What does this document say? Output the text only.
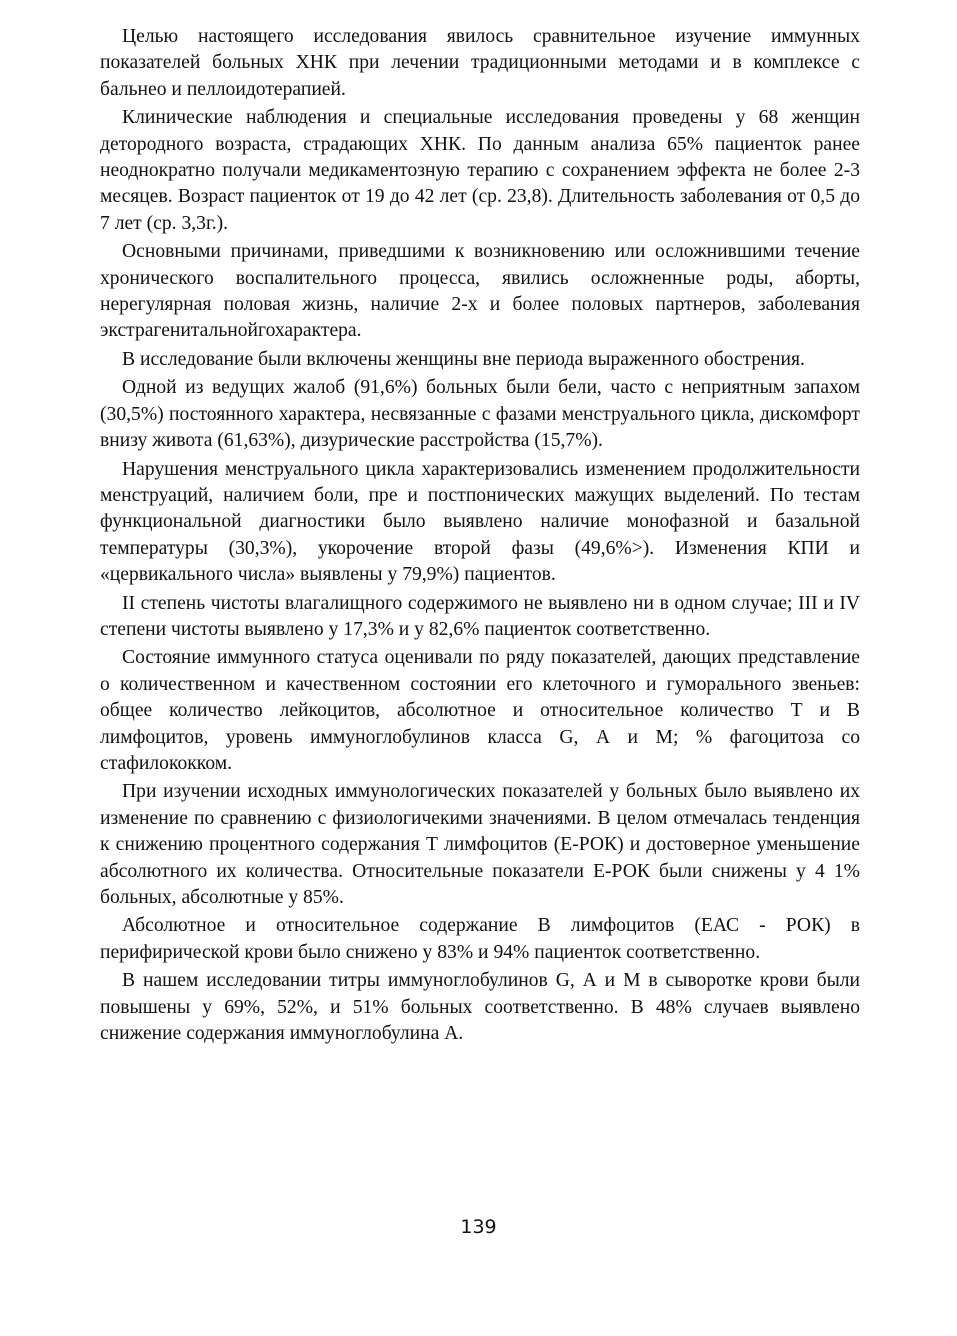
Целью настоящего исследования явилось сравнительное изучение иммунных показателей больных ХНК при лечении традиционными методами и в комплексе с бальнео и пеллоидотерапией.

Клинические наблюдения и специальные исследования проведены у 68 женщин детородного возраста, страдающих ХНК. По данным анализа 65% пациенток ранее неоднократно получали медикаментозную терапию с сохранением эффекта не более 2-3 месяцев. Возраст пациенток от 19 до 42 лет (ср. 23,8). Длительность заболевания от 0,5 до 7 лет (ср. 3,3г.).

Основными причинами, приведшими к возникновению или осложнившими течение хронического воспалительного процесса, явились осложненные роды, аборты, нерегулярная половая жизнь, наличие 2-х и более половых партнеров, заболевания экстрагенитальнойгохарактера.

В исследование были включены женщины вне периода выраженного обострения.

Одной из ведущих жалоб (91,6%) больных были бели, часто с неприятным запахом (30,5%) постоянного характера, несвязанные с фазами менструального цикла, дискомфорт внизу живота (61,63%), дизурические расстройства (15,7%).

Нарушения менструального цикла характеризовались изменением продолжительности менструаций, наличием боли, пре и постпонических мажущих выделений. По тестам функциональной диагностики было выявлено наличие монофазной и базальной температуры (30,3%), укорочение второй фазы (49,6%>). Изменения КПИ и «цервикального числа» выявлены у 79,9%) пациентов.

II степень чистоты влагалищного содержимого не выявлено ни в одном случае; III и IV степени чистоты выявлено у 17,3% и у 82,6% пациенток соответственно.

Состояние иммунного статуса оценивали по ряду показателей, дающих представление о количественном и качественном состоянии его клеточного и гуморального звеньев: общее количество лейкоцитов, абсолютное и относительное количество Т и В лимфоцитов, уровень иммуноглобулинов класса G, А и М; % фагоцитоза со стафилококком.

При изучении исходных иммунологических показателей у больных было выявлено их изменение по сравнению с физиологичекими значениями. В целом отмечалась тенденция к снижению процентного содержания Т лимфоцитов (Е-РОК) и достоверное уменьшение абсолютного их количества. Относительные показатели Е-РОК были снижены у 4 1% больных, абсолютные у 85%.

Абсолютное и относительное содержание В лимфоцитов (ЕАС - РОК) в перифирической крови было снижено у 83% и 94% пациенток соответственно.

В нашем исследовании титры иммуноглобулинов G, А и М в сыворотке крови были повышены у 69%, 52%, и 51% больных соответственно. В 48% случаев выявлено снижение содержания иммуноглобулина А.

139
